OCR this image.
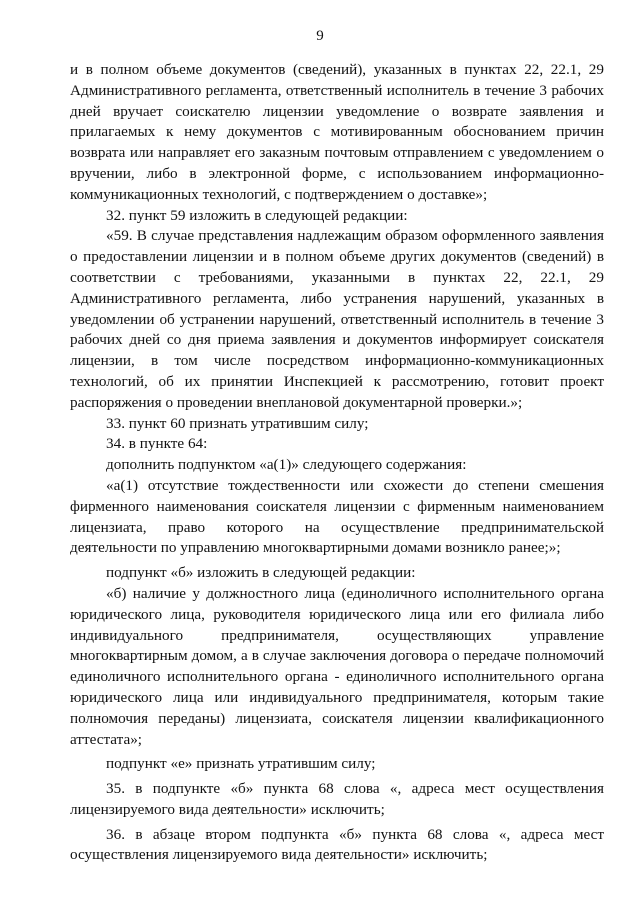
9

и в полном объеме документов (сведений), указанных в пунктах 22, 22.1, 29 Административного регламента, ответственный исполнитель в течение 3 рабочих дней вручает соискателю лицензии уведомление о возврате заявления и прилагаемых к нему документов с мотивированным обоснованием причин возврата или направляет его заказным почтовым отправлением с уведомлением о вручении, либо в электронной форме, с использованием информационно-коммуникационных технологий, с подтверждением о доставке»;

32. пункт 59 изложить в следующей редакции:

«59. В случае представления надлежащим образом оформленного заявления о предоставлении лицензии и в полном объеме других документов (сведений) в соответствии с требованиями, указанными в пунктах 22, 22.1, 29 Административного регламента, либо устранения нарушений, указанных в уведомлении об устранении нарушений, ответственный исполнитель в течение 3 рабочих дней со дня приема заявления и документов информирует соискателя лицензии, в том числе посредством информационно-коммуникационных технологий, об их принятии Инспекцией к рассмотрению, готовит проект распоряжения о проведении внеплановой документарной проверки.»;

33. пункт 60 признать утратившим силу;

34. в пункте 64:

дополнить подпунктом «а(1)» следующего содержания:

«а(1) отсутствие тождественности или схожести до степени смешения фирменного наименования соискателя лицензии с фирменным наименованием лицензиата, право которого на осуществление предпринимательской деятельности по управлению многоквартирными домами возникло ранее;»;

подпункт «б» изложить в следующей редакции:

«б) наличие у должностного лица (единоличного исполнительного органа юридического лица, руководителя юридического лица или его филиала либо индивидуального предпринимателя, осуществляющих управление многоквартирным домом, а в случае заключения договора о передаче полномочий единоличного исполнительного органа - единоличного исполнительного органа юридического лица или индивидуального предпринимателя, которым такие полномочия переданы) лицензиата, соискателя лицензии квалификационного аттестата»;

подпункт «е» признать утратившим силу;

35. в подпункте «б» пункта 68 слова «, адреса мест осуществления лицензируемого вида деятельности» исключить;

36. в абзаце втором подпункта «б» пункта 68 слова «, адреса мест осуществления лицензируемого вида деятельности» исключить;
